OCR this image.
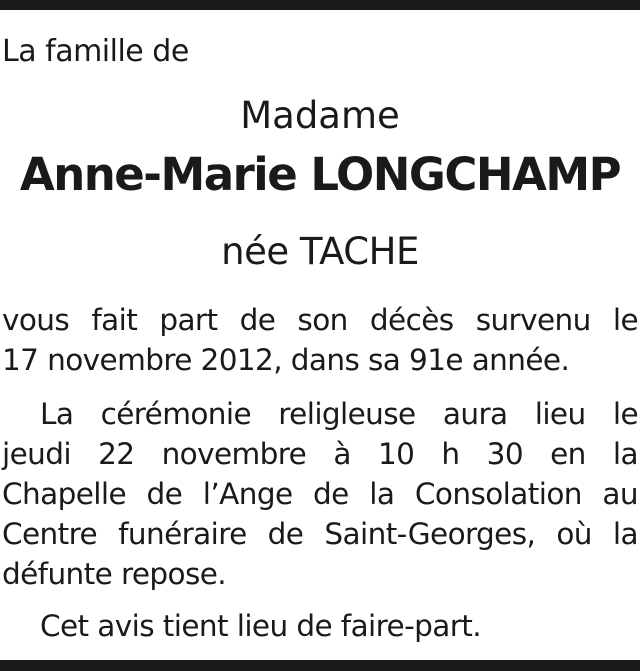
La famille de

Madame

Anne-Marie LONGCHAMP

née TACHE

vous fait part de son décès survenu le
17 novembre 2012, dans sa 91e année.
La cérémonie religleuse aura lieu le
jeudi 22 novembre à 10 h 30 en la
Chapelle de l’Ange de la Consolation au
Centre funéraire de Saint-Georges, où la
défunte repose.
Cet avis tient lieu de faire-part.
